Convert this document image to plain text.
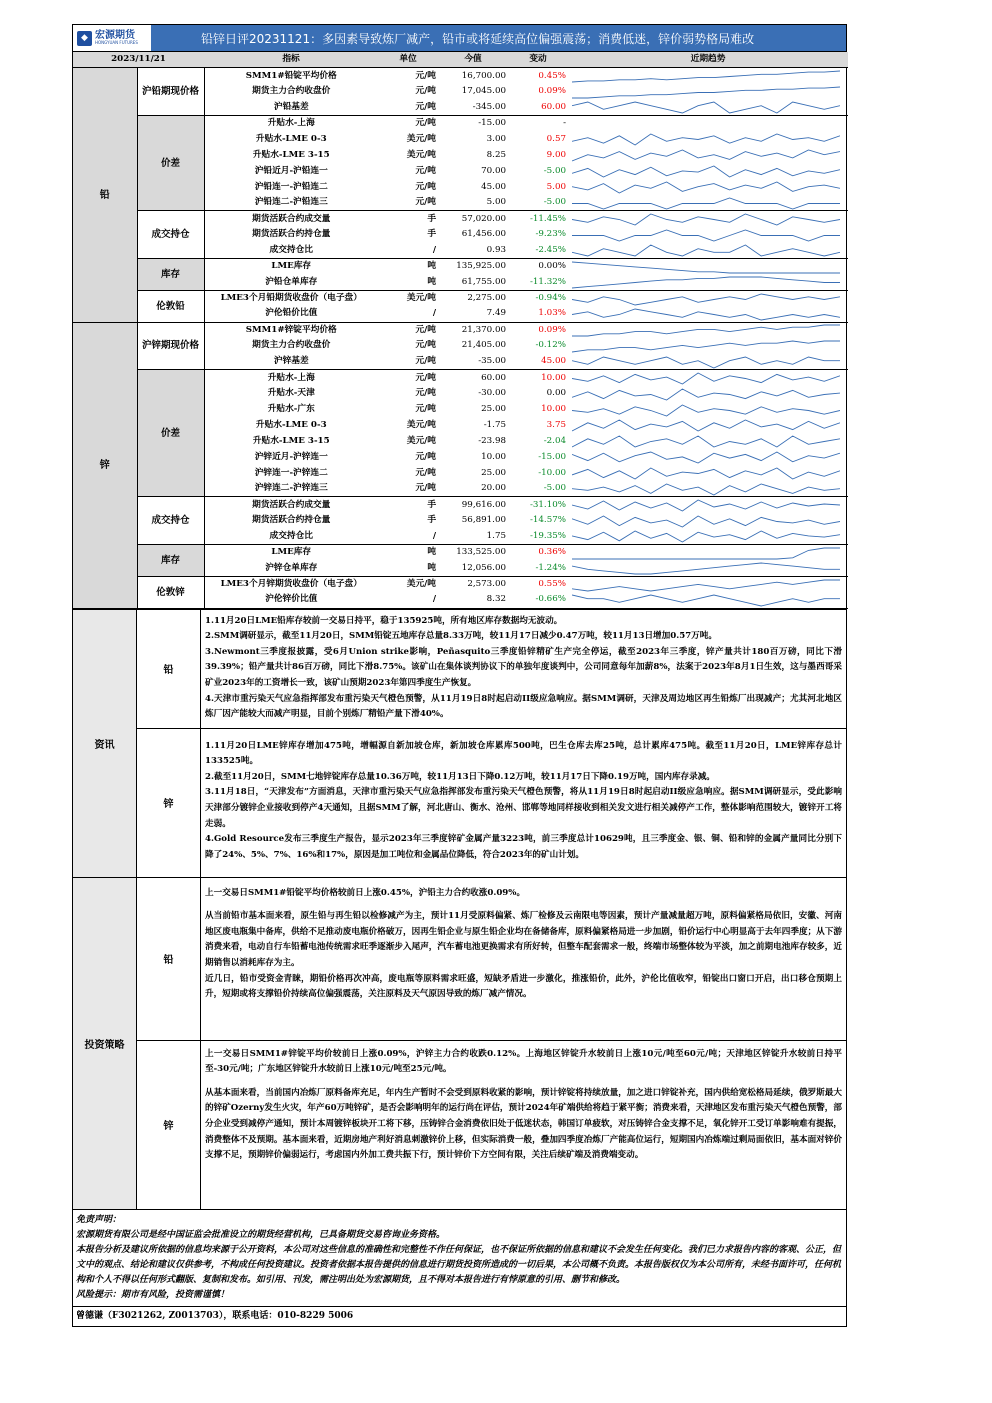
◆ 宏源期货
HONGYUAN FUTURES	铅锌日评20231121：多因素导致炼厂减产，铅市或将延续高位偏强震荡；消费低迷，锌价弱势格局难改
2023/11/21		指标	单位	今值	变动	近期趋势
铅	沪铅期现价格	SMM1#铅锭平均价格	元/吨	16,700.00	0.45%	

		期货主力合约收盘价	元/吨	17,045.00	0.09%	

		沪铅基差	元/吨	-345.00	60.00	

	价差	升贴水-上海	元/吨	-15.00	-	
		升贴水-LME 0-3	美元/吨	3.00	0.57	

		升贴水-LME 3-15	美元/吨	8.25	9.00	

		沪铅近月-沪铅连一	元/吨	70.00	-5.00	

		沪铅连一-沪铅连二	元/吨	45.00	5.00	

		沪铅连二-沪铅连三	元/吨	5.00	-5.00	

	成交持仓	期货活跃合约成交量	手	57,020.00	-11.45%	

		期货活跃合约持仓量	手	61,456.00	-9.23%	

		成交持仓比	/	0.93	-2.45%	

	库存	LME库存	吨	135,925.00	0.00%	

		沪铅仓单库存	吨	61,755.00	-11.32%	

	伦敦铅	LME3个月铅期货收盘价（电子盘）	美元/吨	2,275.00	-0.94%	

		沪伦铅价比值	/	7.49	1.03%	

锌	沪锌期现价格	SMM1#锌锭平均价格	元/吨	21,370.00	0.09%	

		期货主力合约收盘价	元/吨	21,405.00	-0.12%	

		沪锌基差	元/吨	-35.00	45.00	

	价差	升贴水-上海	元/吨	60.00	10.00	

		升贴水-天津	元/吨	-30.00	0.00	

		升贴水-广东	元/吨	25.00	10.00	

		升贴水-LME 0-3	美元/吨	-1.75	3.75	

		升贴水-LME 3-15	美元/吨	-23.98	-2.04	

		沪锌近月-沪锌连一	元/吨	10.00	-15.00	

		沪锌连一-沪锌连二	元/吨	25.00	-10.00	

		沪锌连二-沪锌连三	元/吨	20.00	-5.00	

	成交持仓	期货活跃合约成交量	手	99,616.00	-31.10%	

		期货活跃合约持仓量	手	56,891.00	-14.57%	

		成交持仓比	/	1.75	-19.35%	

	库存	LME库存	吨	133,525.00	0.36%	

		沪锌仓单库存	吨	12,056.00	-1.24%	

	伦敦锌	LME3个月锌期货收盘价（电子盘）	美元/吨	2,573.00	0.55%	

		沪伦锌价比值	/	8.32	-0.66%	
资讯
铅

1.11月20日LME铅库存较前一交易日持平，稳于135925吨，所有地区库存数据均无波动。

2.SMM调研显示，截至11月20日，SMM铅锭五地库存总量8.33万吨，较11月17日减少0.47万吨，较11月13日增加0.57万吨。

3.Newmont三季度报披露，受6月Union strike影响，Peñasquito三季度铅锌精矿生产完全停运，截至2023年三季度，锌产量共计180百万磅，同比下滑39.39%；铅产量共计86百万磅，同比下滑8.75%。该矿山在集体谈判协议下的单独年度谈判中，公司同意每年加薪8%，法案于2023年8月1日生效，这与墨西哥采矿业2023年的工资增长一致，该矿山预期2023年第四季度生产恢复。

4.天津市重污染天气应急指挥部发布重污染天气橙色预警，从11月19日8时起启动II级应急响应。据SMM调研，天津及周边地区再生铅炼厂出现减产；尤其河北地区炼厂因产能较大而减产明显，目前个别炼厂精铅产量下滑40%。

锌

1.11月20日LME锌库存增加475吨，增幅源自新加坡仓库，新加坡仓库累库500吨，巴生仓库去库25吨，总计累库475吨。截至11月20日，LME锌库存总计133525吨。

2.截至11月20日，SMM七地锌锭库存总量10.36万吨，较11月13日下降0.12万吨，较11月17日下降0.19万吨，国内库存录减。

3.11月18日，“天津发布”方面消息，天津市重污染天气应急指挥部发布重污染天气橙色预警，将从11月19日8时起启动II级应急响应。据SMM调研显示，受此影响天津部分镀锌企业接收到停产4天通知，且据SMM了解，河北唐山、衡水、沧州、邯郸等地同样接收到相关发文进行相关减停产工作，整体影响范围较大，镀锌开工将走弱。

4.Gold Resource发布三季度生产报告，显示2023年三季度锌矿金属产量3223吨，前三季度总计10629吨，且三季度金、银、铜、铅和锌的金属产量同比分别下降了24%、5%、7%、16%和17%，原因是加工吨位和金属品位降低，符合2023年的矿山计划。

投资策略
铅

上一交易日SMM1#铅锭平均价格较前日上涨0.45%，沪铅主力合约收涨0.09%。

从当前铅市基本面来看，原生铅与再生铅以检修减产为主，预计11月受原料偏紧、炼厂检修及云南限电等因素，预计产量减量超万吨，原料偏紧格局依旧，安徽、河南地区废电瓶集中备库，供给不足推动废电瓶价格破万，因再生铅企业与原生铅企业均在备储备库，原料偏紧格局进一步加剧，铅价运行中心明显高于去年四季度；从下游消费来看，电动自行车铅蓄电池传统需求旺季逐渐步入尾声，汽车蓄电池更换需求有所好转，但整车配套需求一般，终端市场整体较为平淡，加之前期电池库存较多，近期销售以消耗库存为主。

近几日，铅市受资金青睐，期铅价格再次冲高，废电瓶等原料需求旺盛，短缺矛盾进一步激化，推涨铅价，此外，沪伦比值收窄，铅锭出口窗口开启，出口移仓预期上升，短期或将支撑铅价持续高位偏强震荡，关注原料及天气原因导致的炼厂减产情况。

锌

上一交易日SMM1#锌锭平均价较前日上涨0.09%，沪锌主力合约收跌0.12%。上海地区锌锭升水较前日上涨10元/吨至60元/吨；天津地区锌锭升水较前日持平至-30元/吨；广东地区锌锭升水较前日上涨10元/吨至25元/吨。

从基本面来看，当前国内冶炼厂原料备库充足，年内生产暂时不会受到原料收紧的影响，预计锌锭将持续放量，加之进口锌锭补充，国内供给宽松格局延续，俄罗斯最大的锌矿Ozerny发生火灾，年产60万吨锌矿，是否会影响明年的运行尚在评估，预计2024年矿端供给将趋于紧平衡；消费来看，天津地区发布重污染天气橙色预警，部分企业受到减停产通知，预计本周镀锌板块开工将下移，压铸锌合金消费依旧处于低迷状态，韩国订单疲软，对压铸锌合金支撑不足，氧化锌开工受订单影响难有提振，消费整体不及预期。基本面来看，近期房地产利好消息刺激锌价上移，但实际消费一般，叠加四季度冶炼厂产能高位运行，短期国内冶炼端过剩局面依旧，基本面对锌价支撑不足，预期锌价偏弱运行，考虑国内外加工费共振下行，预计锌价下方空间有限，关注后续矿端及消费端变动。

免责声明：
宏源期货有限公司是经中国证监会批准设立的期货经营机构，已具备期货交易咨询业务资格。
本报告分析及建议所依据的信息均来源于公开资料，本公司对这些信息的准确性和完整性不作任何保证，也不保证所依据的信息和建议不会发生任何变化。我们已力求报告内容的客观、公正，但文中的观点、结论和建议仅供参考，不构成任何投资建议。投资者依据本报告提供的信息进行期货投资所造成的一切后果，本公司概不负责。本报告版权仅为本公司所有，未经书面许可，任何机构和个人不得以任何形式翻版、复制和发布。如引用、刊发，需注明出处为宏源期货，且不得对本报告进行有悖原意的引用、删节和修改。
风险提示：期市有风险，投资需谨慎！
曾德谦（F3021262, Z0013703），联系电话：010-8229 5006
